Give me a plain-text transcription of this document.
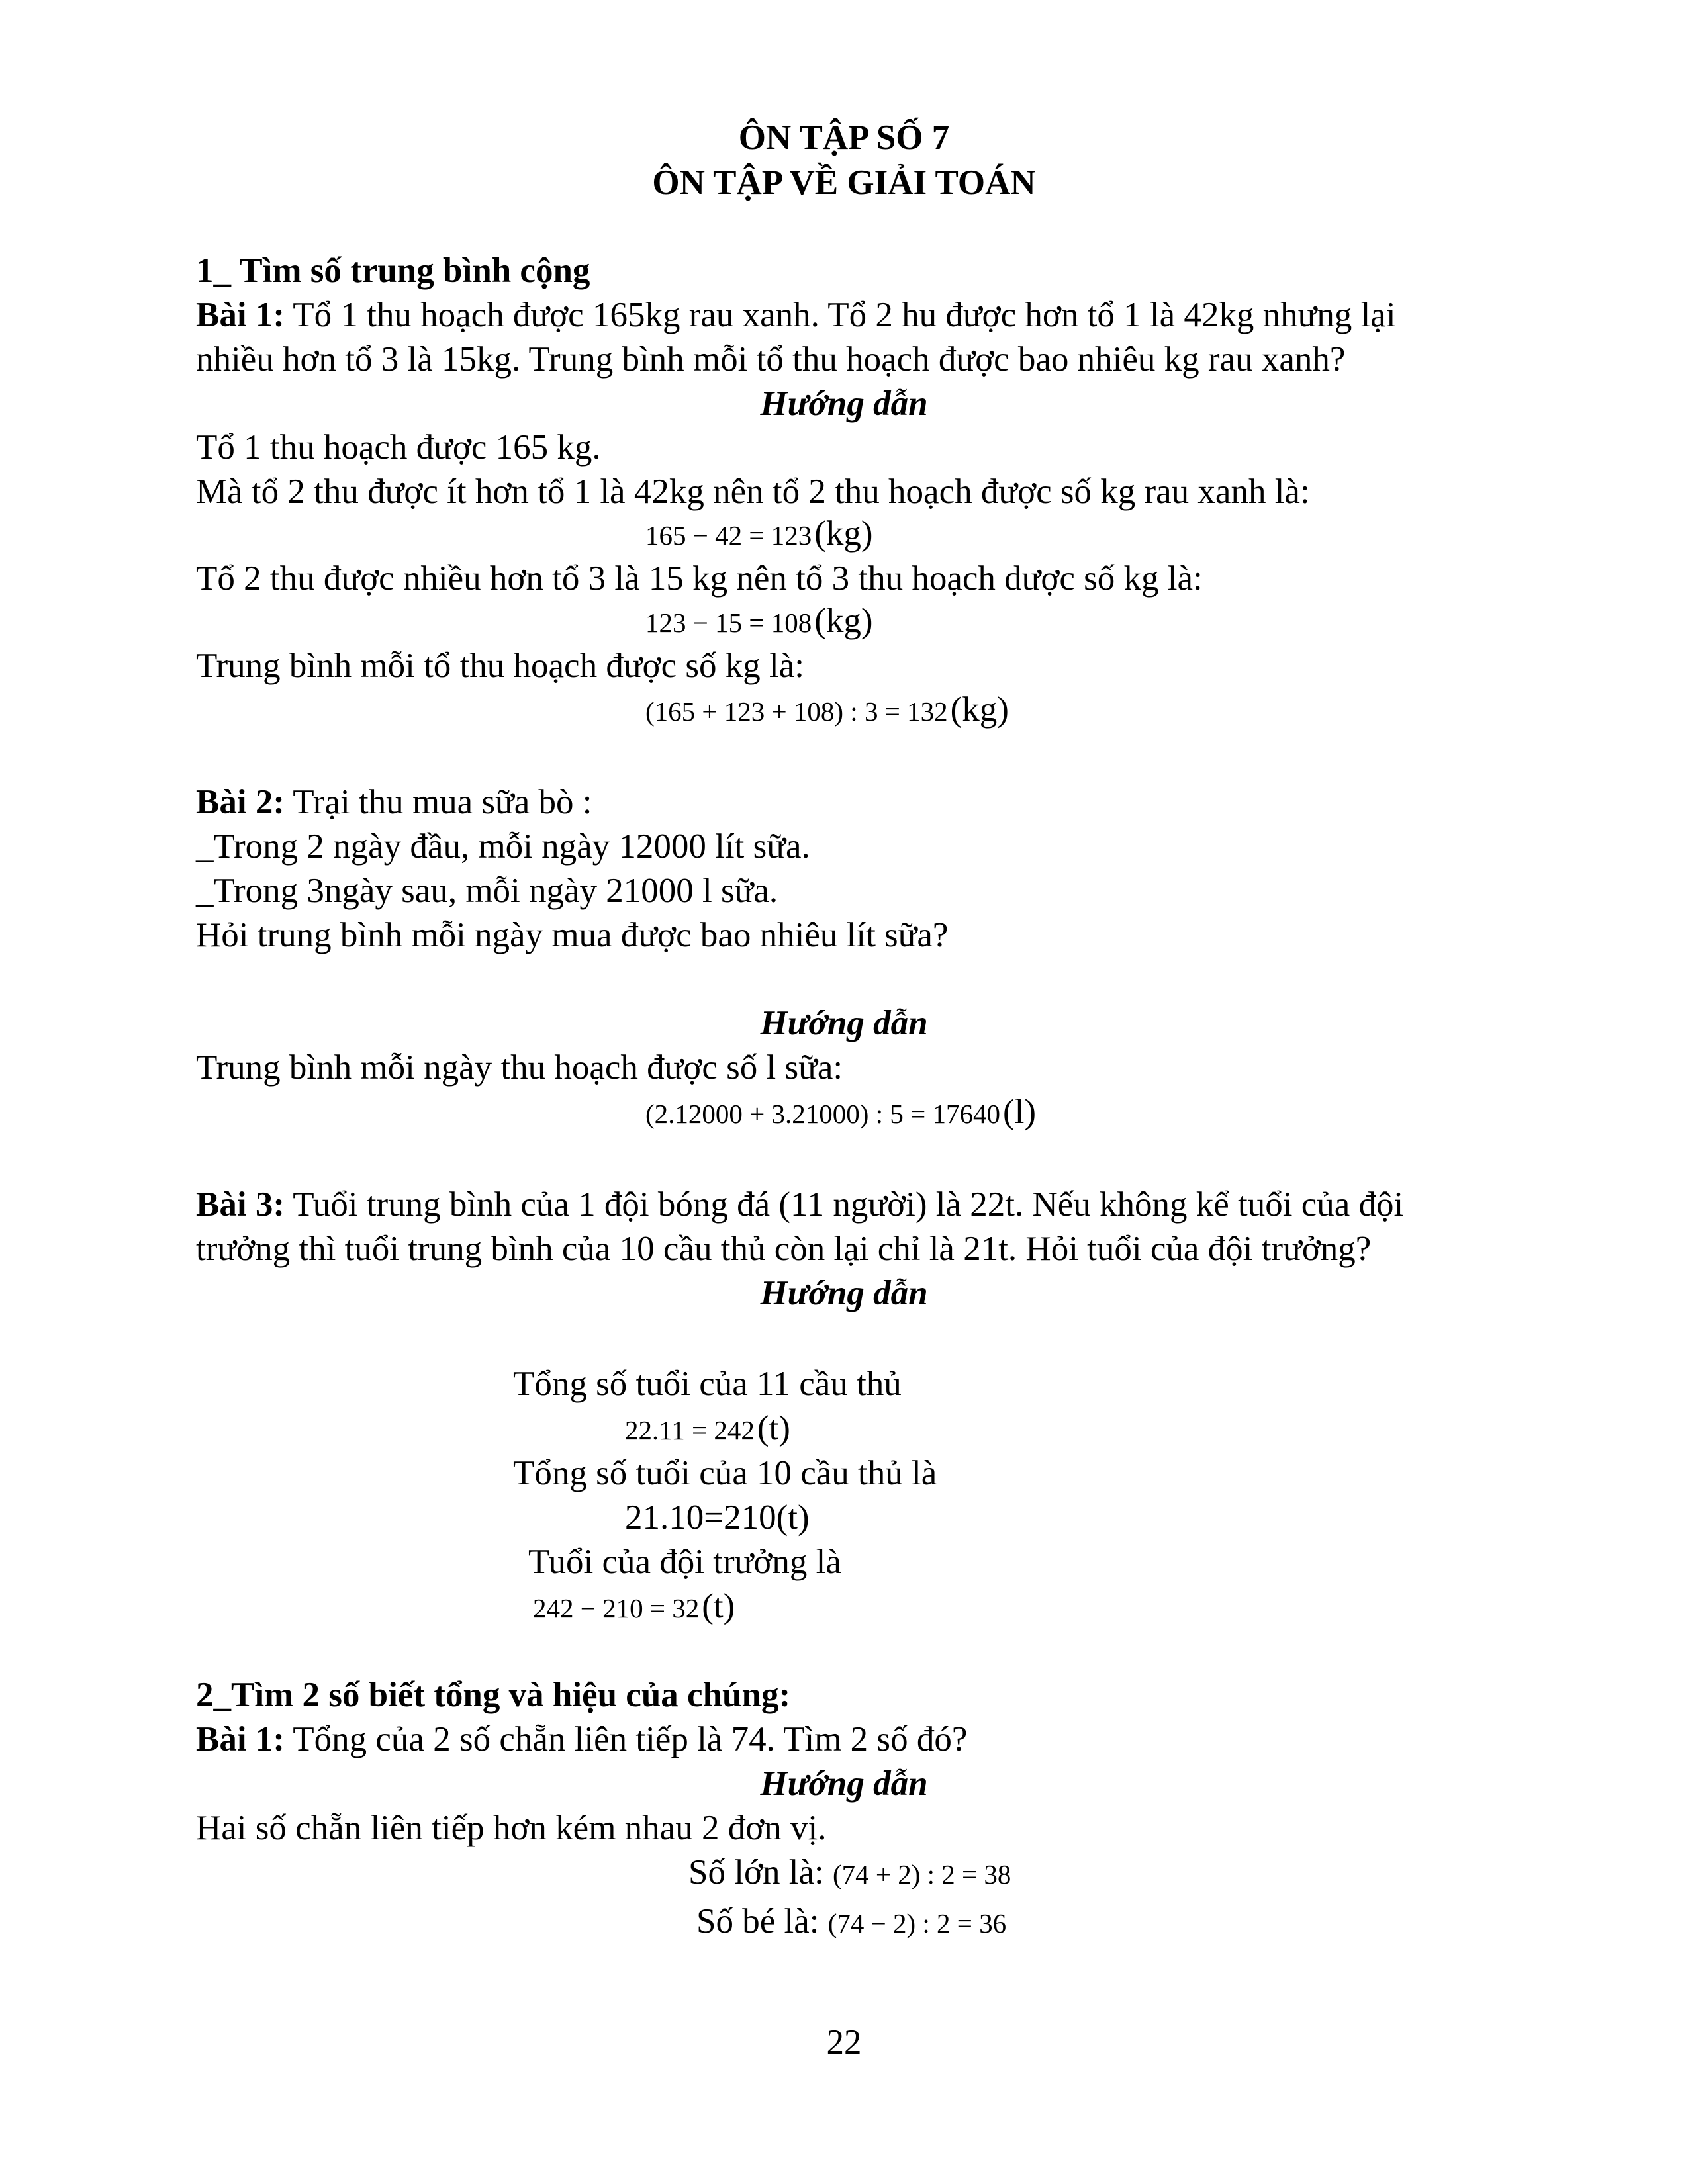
ÔN TẬP SỐ 7
ÔN TẬP VỀ GIẢI TOÁN
1_ Tìm số trung bình cộng
Bài 1: Tổ 1 thu hoạch được 165kg rau xanh. Tổ 2 hu được hơn tổ 1 là 42kg nhưng lại
nhiều hơn tổ 3 là 15kg. Trung bình mỗi tổ thu hoạch được bao nhiêu kg rau xanh?
Hướng dẫn
Tổ 1 thu hoạch được 165 kg.
Mà tổ 2 thu được ít hơn tổ 1 là 42kg nên tổ 2 thu hoạch được số kg rau xanh là:
165 − 42 = 123 (kg)
Tổ 2 thu được nhiều hơn tổ 3 là 15 kg nên tổ 3 thu hoạch dược số kg là:
123 − 15 = 108 (kg)
Trung bình mỗi tổ thu hoạch được số kg là:
(165 + 123 + 108) : 3 = 132 (kg)
Bài 2: Trại thu mua sữa bò :
_Trong 2 ngày đầu, mỗi ngày 12000 lít sữa.
_Trong 3ngày sau, mỗi ngày 21000 l sữa.
Hỏi trung bình mỗi ngày mua được bao nhiêu lít sữa?
Hướng dẫn
Trung bình mỗi ngày thu hoạch được số l sữa:
(2.12000 + 3.21000) : 5 = 17640 (l)
Bài 3: Tuổi trung bình của 1 đội bóng đá (11 người) là 22t. Nếu không kể tuổi của đội
trưởng thì tuổi trung bình của 10 cầu thủ còn lại chỉ là 21t. Hỏi tuổi của đội trưởng?
Hướng dẫn
Tổng số tuổi của 11 cầu thủ
22.11 = 242 (t)
Tổng số tuổi của 10 cầu thủ là
21.10=210(t)
Tuổi của đội trưởng là
242 − 210 = 32 (t)
2_Tìm 2 số biết tổng và hiệu của chúng:
Bài 1: Tổng của 2 số chẵn liên tiếp là 74. Tìm 2 số đó?
Hướng dẫn
Hai số chẵn liên tiếp hơn kém nhau 2 đơn vị.
Số lớn là: (74 + 2) : 2 = 38
Số bé là: (74 − 2) : 2 = 36
22
